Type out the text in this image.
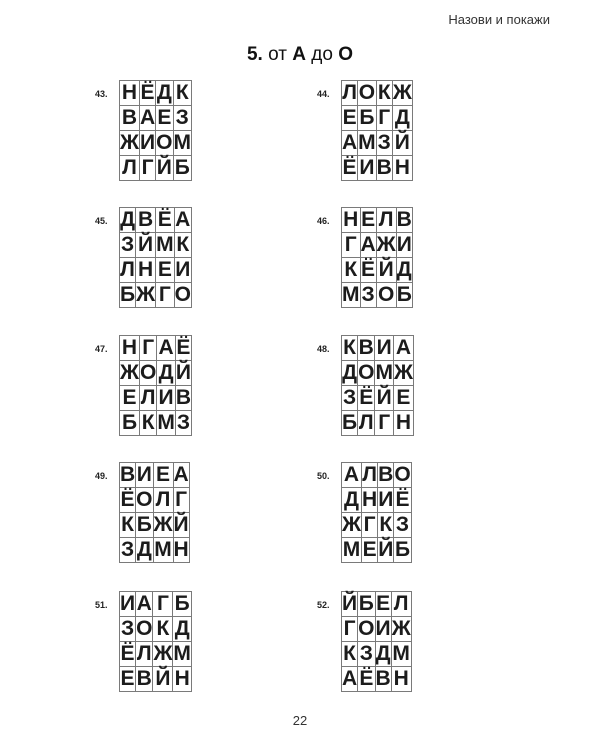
Назови и покажи
5. от А до О
43. Н	Ё	Д	К
В	А	Е	З
Ж	И	О	М
Л	Г	Й	Б
44. Л	О	К	Ж
Е	Б	Г	Д
А	М	З	Й
Ё	И	В	Н
45. Д	В	Ё	А
З	Й	М	К
Л	Н	Е	И
Б	Ж	Г	О
46. Н	Е	Л	В
Г	А	Ж	И
К	Ё	Й	Д
М	З	О	Б
47. Н	Г	А	Ё
Ж	О	Д	Й
Е	Л	И	В
Б	К	М	З
48. К	В	И	А
Д	О	М	Ж
З	Ё	Й	Е
Б	Л	Г	Н
49. В	И	Е	А
Ё	О	Л	Г
К	Б	Ж	Й
З	Д	М	Н
50. А	Л	В	О
Д	Н	И	Ё
Ж	Г	К	З
М	Е	Й	Б
51. И	А	Г	Б
З	О	К	Д
Ё	Л	Ж	М
Е	В	Й	Н
52. Й	Б	Е	Л
Г	О	И	Ж
К	З	Д	М
А	Ё	В	Н
22
